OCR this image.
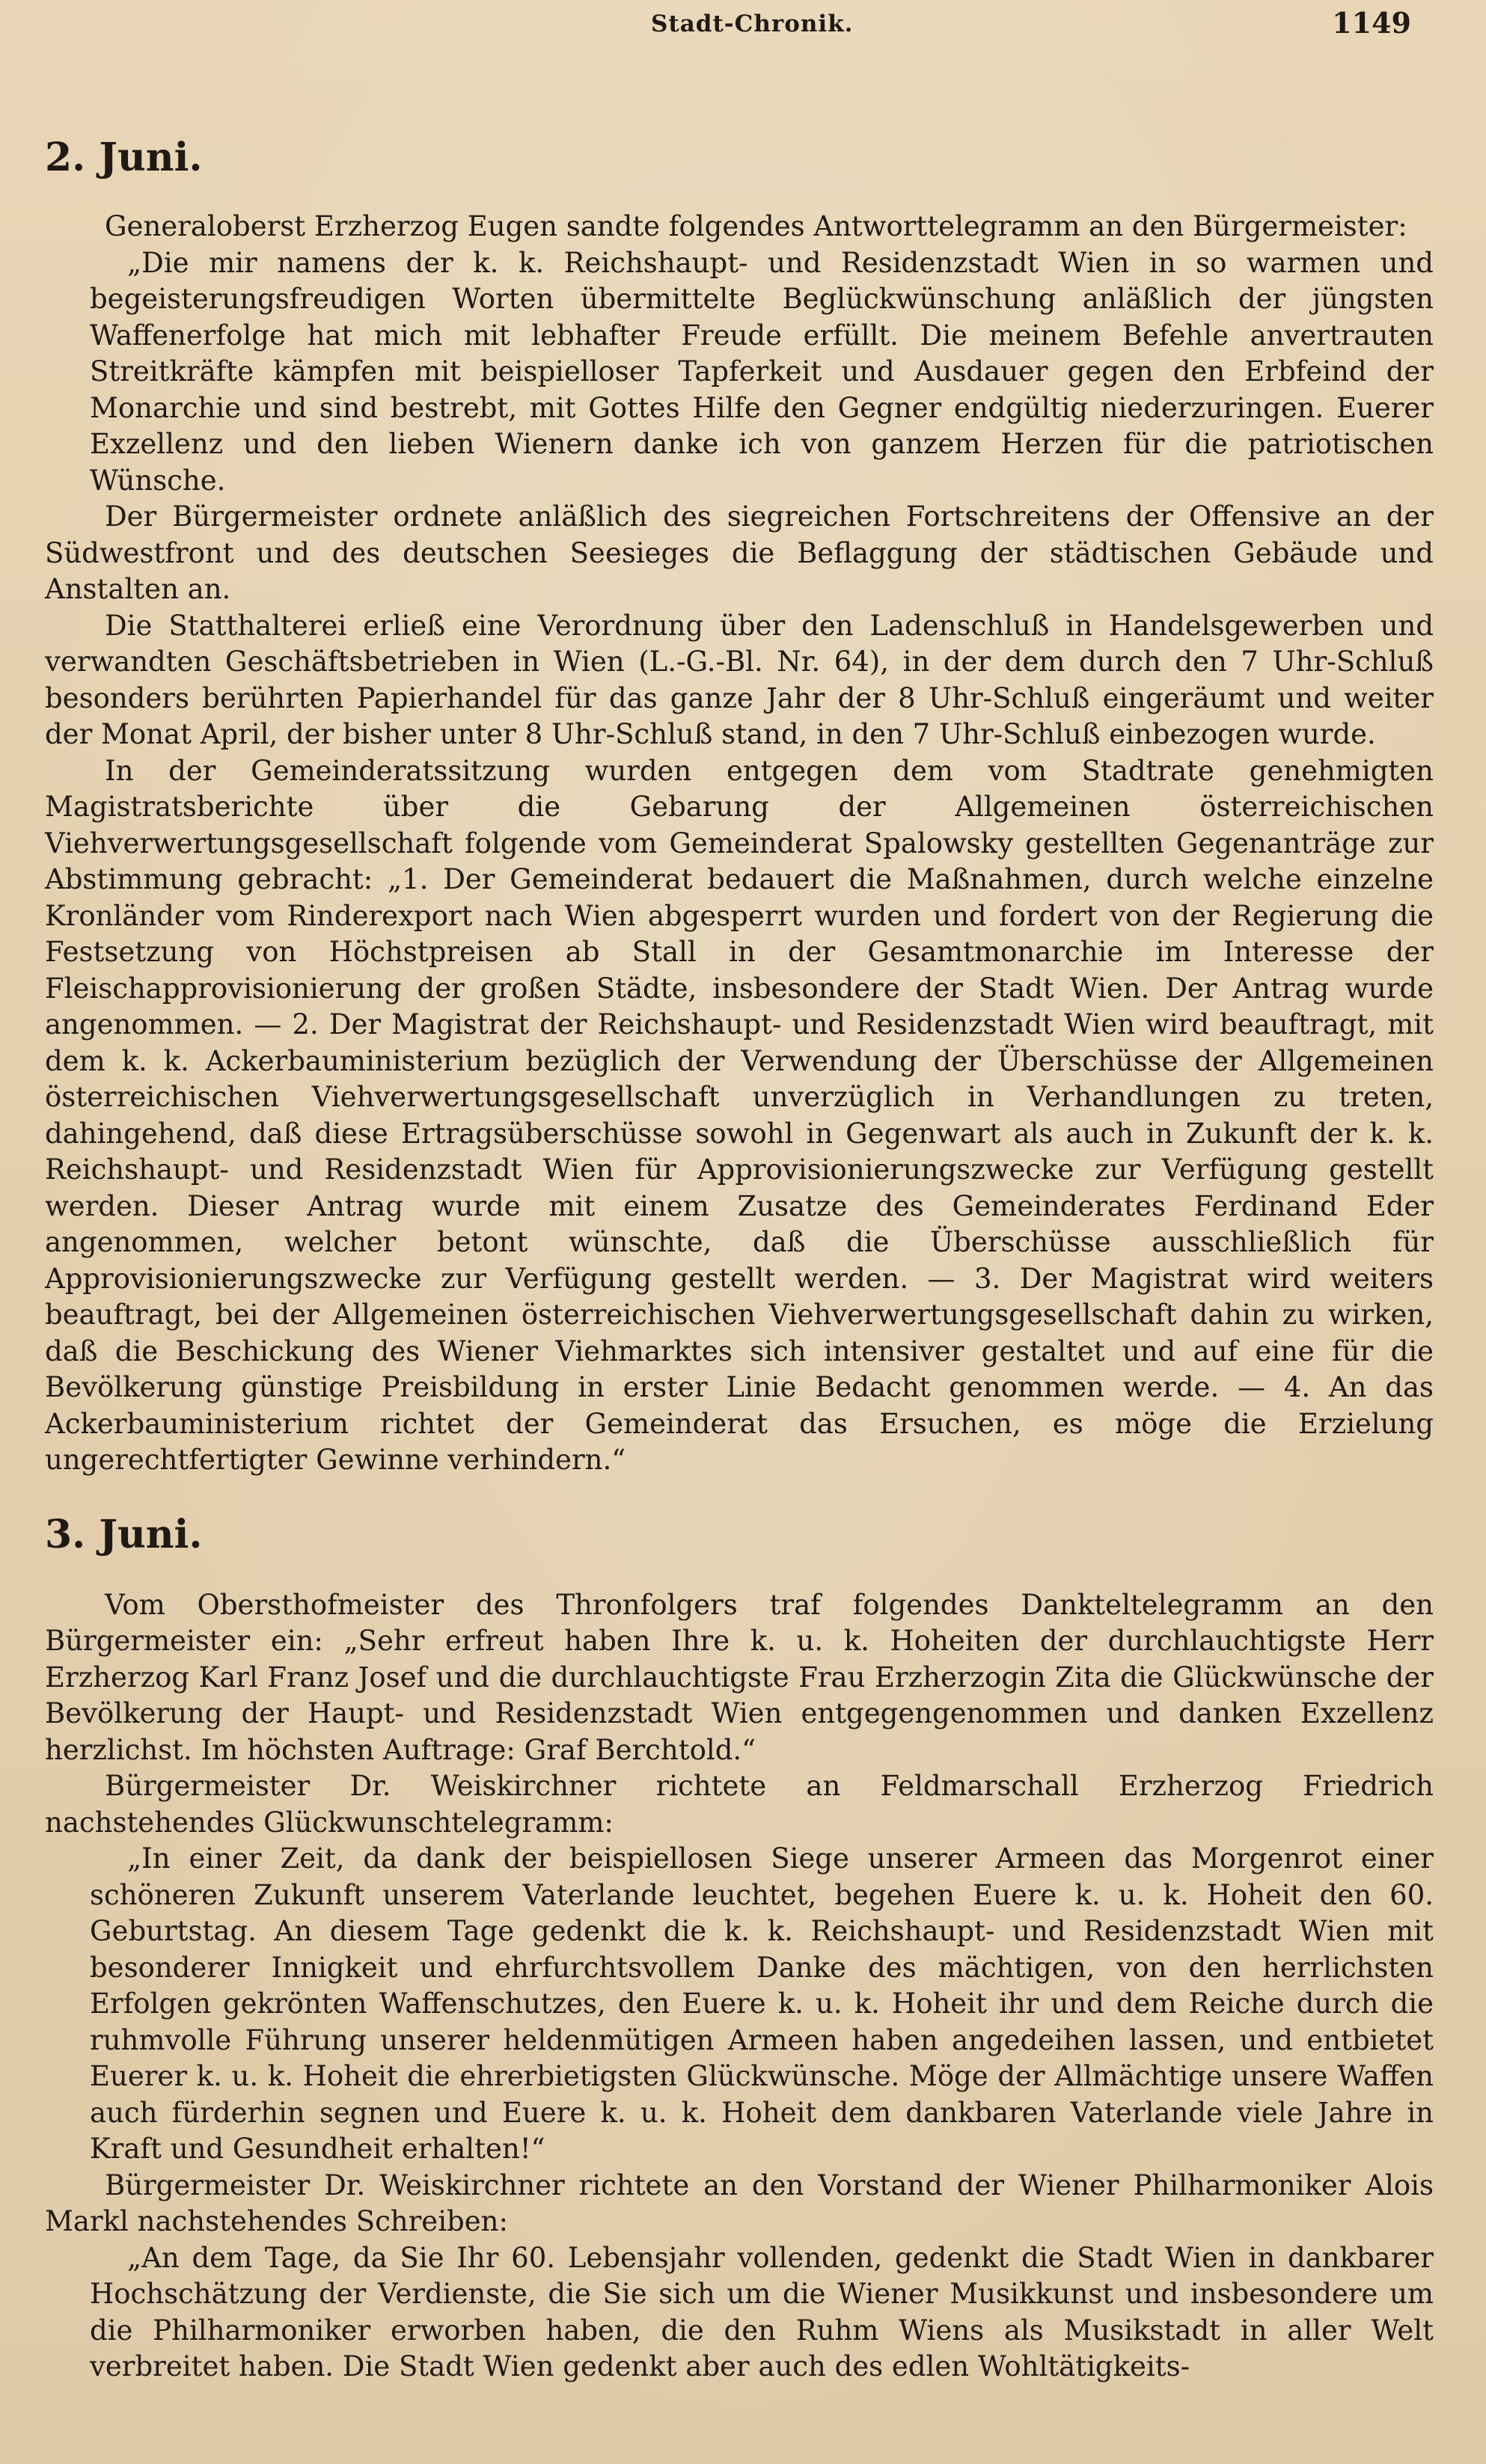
Stadt-Chronik.	1149
2. Juni.

Generaloberst Erzherzog Eugen sandte folgendes Antworttelegramm an den Bürgermeister:

„Die mir namens der k. k. Reichshaupt- und Residenzstadt Wien in so warmen und begeisterungsfreudigen Worten übermittelte Beglückwünschung anläßlich der jüngsten Waffenerfolge hat mich mit lebhafter Freude erfüllt. Die meinem Befehle anvertrauten Streitkräfte kämpfen mit beispielloser Tapferkeit und Ausdauer gegen den Erbfeind der Monarchie und sind bestrebt, mit Gottes Hilfe den Gegner endgültig niederzuringen. Euerer Exzellenz und den lieben Wienern danke ich von ganzem Herzen für die patriotischen Wünsche.

Der Bürgermeister ordnete anläßlich des siegreichen Fortschreitens der Offensive an der Südwestfront und des deutschen Seesieges die Beflaggung der städtischen Gebäude und Anstalten an.

Die Statthalterei erließ eine Verordnung über den Ladenschluß in Handelsgewerben und verwandten Geschäftsbetrieben in Wien (L.-G.-Bl. Nr. 64), in der dem durch den 7 Uhr-Schluß besonders berührten Papierhandel für das ganze Jahr der 8 Uhr-Schluß eingeräumt und weiter der Monat April, der bisher unter 8 Uhr-Schluß stand, in den 7 Uhr-Schluß einbezogen wurde.

In der Gemeinderatssitzung wurden entgegen dem vom Stadtrate genehmigten Magistratsberichte über die Gebarung der Allgemeinen österreichischen Viehverwertungsgesellschaft folgende vom Gemeinderat Spalowsky gestellten Gegenanträge zur Abstimmung gebracht: „1. Der Gemeinderat bedauert die Maßnahmen, durch welche einzelne Kronländer vom Rinderexport nach Wien abgesperrt wurden und fordert von der Regierung die Festsetzung von Höchstpreisen ab Stall in der Gesamtmonarchie im Interesse der Fleischapprovisionierung der großen Städte, insbesondere der Stadt Wien. Der Antrag wurde angenommen. — 2. Der Magistrat der Reichshaupt- und Residenzstadt Wien wird beauftragt, mit dem k. k. Ackerbauministerium bezüglich der Verwendung der Überschüsse der Allgemeinen österreichischen Viehverwertungsgesellschaft unverzüglich in Verhandlungen zu treten, dahingehend, daß diese Ertragsüberschüsse sowohl in Gegenwart als auch in Zukunft der k. k. Reichshaupt- und Residenzstadt Wien für Approvisionierungszwecke zur Verfügung gestellt werden. Dieser Antrag wurde mit einem Zusatze des Gemeinderates Ferdinand Eder angenommen, welcher betont wünschte, daß die Überschüsse ausschließlich für Approvisionierungszwecke zur Verfügung gestellt werden. — 3. Der Magistrat wird weiters beauftragt, bei der Allgemeinen österreichischen Viehverwertungsgesellschaft dahin zu wirken, daß die Beschickung des Wiener Viehmarktes sich intensiver gestaltet und auf eine für die Bevölkerung günstige Preisbildung in erster Linie Bedacht genommen werde. — 4. An das Ackerbauministerium richtet der Gemeinderat das Ersuchen, es möge die Erzielung ungerechtfertigter Gewinne verhindern.“

3. Juni.

Vom Obersthofmeister des Thronfolgers traf folgendes Dankteltelegramm an den Bürgermeister ein: „Sehr erfreut haben Ihre k. u. k. Hoheiten der durchlauchtigste Herr Erzherzog Karl Franz Josef und die durchlauchtigste Frau Erzherzogin Zita die Glückwünsche der Bevölkerung der Haupt- und Residenzstadt Wien entgegengenommen und danken Exzellenz herzlichst. Im höchsten Auftrage: Graf Berchtold.“

Bürgermeister Dr. Weiskirchner richtete an Feldmarschall Erzherzog Friedrich nachstehendes Glückwunschtelegramm:

„In einer Zeit, da dank der beispiellosen Siege unserer Armeen das Morgenrot einer schöneren Zukunft unserem Vaterlande leuchtet, begehen Euere k. u. k. Hoheit den 60. Geburtstag. An diesem Tage gedenkt die k. k. Reichshaupt- und Residenzstadt Wien mit besonderer Innigkeit und ehrfurchtsvollem Danke des mächtigen, von den herrlichsten Erfolgen gekrönten Waffenschutzes, den Euere k. u. k. Hoheit ihr und dem Reiche durch die ruhmvolle Führung unserer heldenmütigen Armeen haben angedeihen lassen, und entbietet Euerer k. u. k. Hoheit die ehrerbietigsten Glückwünsche. Möge der Allmächtige unsere Waffen auch fürderhin segnen und Euere k. u. k. Hoheit dem dankbaren Vaterlande viele Jahre in Kraft und Gesundheit erhalten!“

Bürgermeister Dr. Weiskirchner richtete an den Vorstand der Wiener Philharmoniker Alois Markl nachstehendes Schreiben:

„An dem Tage, da Sie Ihr 60. Lebensjahr vollenden, gedenkt die Stadt Wien in dankbarer Hochschätzung der Verdienste, die Sie sich um die Wiener Musikkunst und insbesondere um die Philharmoniker erworben haben, die den Ruhm Wiens als Musikstadt in aller Welt verbreitet haben. Die Stadt Wien gedenkt aber auch des edlen Wohltätigkeits-
